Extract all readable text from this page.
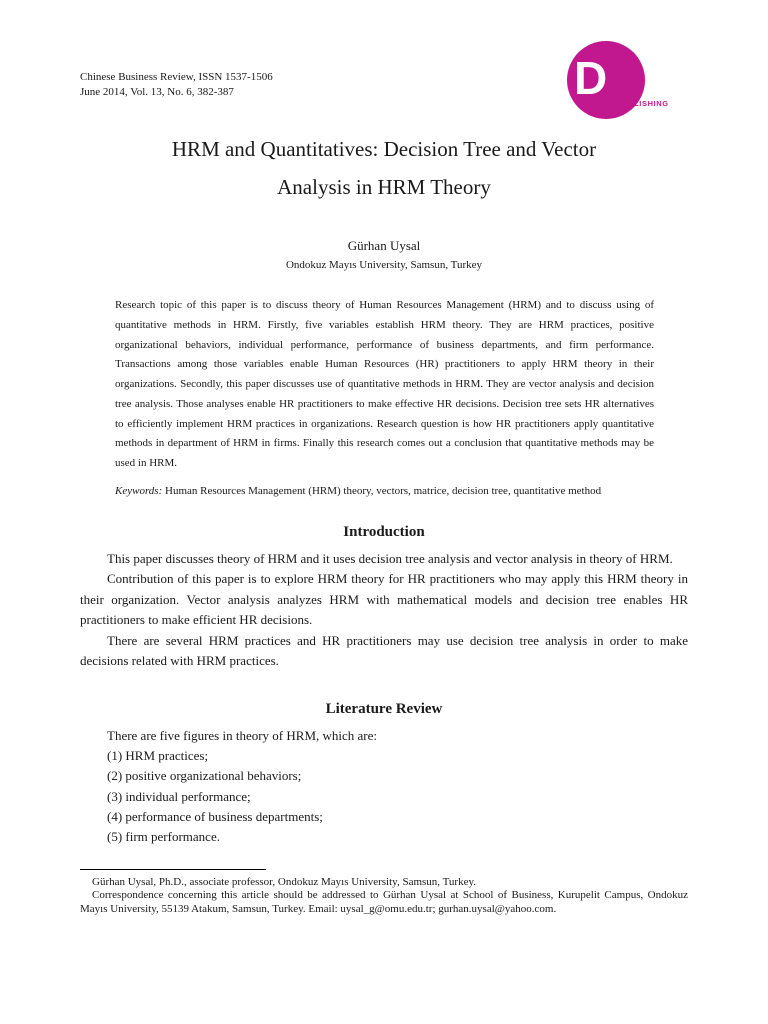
Chinese Business Review, ISSN 1537-1506
June 2014, Vol. 13, No. 6, 382-387	D
DAVID PUBLISHING
HRM and Quantitatives: Decision Tree and Vector
Analysis in HRM Theory
Gürhan Uysal
Ondokuz Mayıs University, Samsun, Turkey

Research topic of this paper is to discuss theory of Human Resources Management (HRM) and to discuss using of quantitative methods in HRM. Firstly, five variables establish HRM theory. They are HRM practices, positive organizational behaviors, individual performance, performance of business departments, and firm performance. Transactions among those variables enable Human Resources (HR) practitioners to apply HRM theory in their organizations. Secondly, this paper discusses use of quantitative methods in HRM. They are vector analysis and decision tree analysis. Those analyses enable HR practitioners to make effective HR decisions. Decision tree sets HR alternatives to efficiently implement HRM practices in organizations. Research question is how HR practitioners apply quantitative methods in department of HRM in firms. Finally this research comes out a conclusion that quantitative methods may be used in HRM.

Keywords: Human Resources Management (HRM) theory, vectors, matrice, decision tree, quantitative method
Introduction

This paper discusses theory of HRM and it uses decision tree analysis and vector analysis in theory of HRM.

Contribution of this paper is to explore HRM theory for HR practitioners who may apply this HRM theory in their organization. Vector analysis analyzes HRM with mathematical models and decision tree enables HR practitioners to make efficient HR decisions.

There are several HRM practices and HR practitioners may use decision tree analysis in order to make decisions related with HRM practices.

Literature Review
There are five figures in theory of HRM, which are:
(1) HRM practices;
(2) positive organizational behaviors;
(3) individual performance;
(4) performance of business departments;
(5) firm performance.

Gürhan Uysal, Ph.D., associate professor, Ondokuz Mayıs University, Samsun, Turkey.

Correspondence concerning this article should be addressed to Gürhan Uysal at School of Business, Kurupelit Campus, Ondokuz Mayıs University, 55139 Atakum, Samsun, Turkey. Email: uysal_g@omu.edu.tr; gurhan.uysal@yahoo.com.
